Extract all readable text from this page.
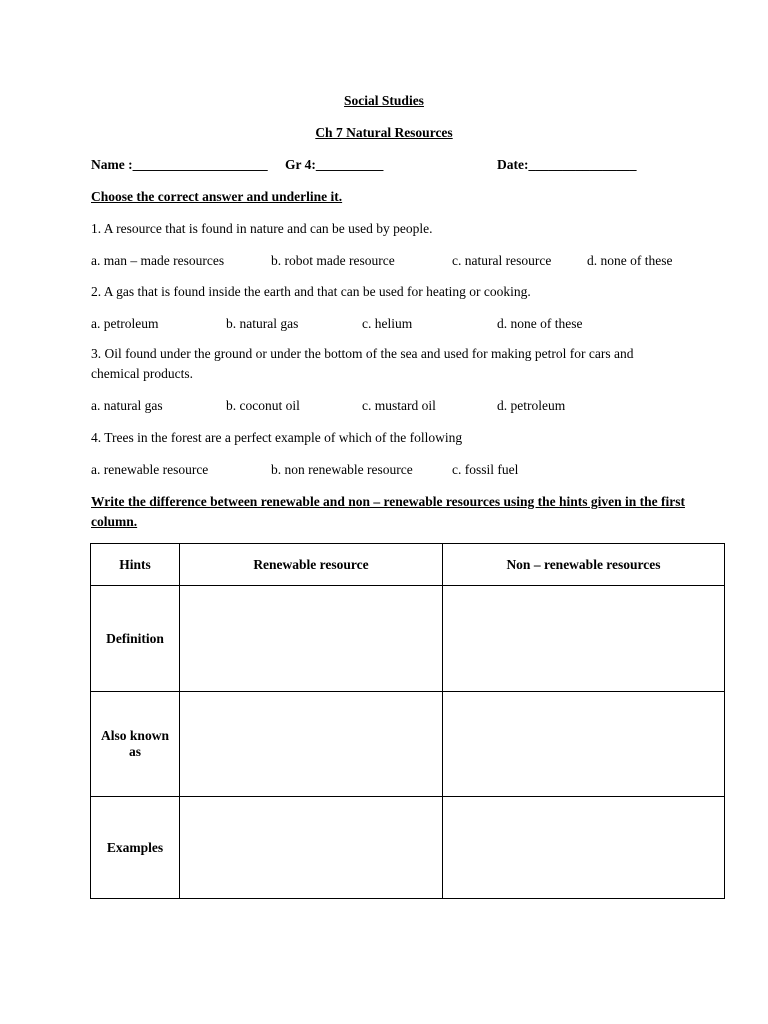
Social Studies
Ch 7 Natural Resources
Name :____________________ Gr 4:__________	Date:________________
Choose the correct answer and underline it.
1. A resource that is found in nature and can be used by people.
a. man – made resources	b. robot made resource	c. natural resource	d. none of these
2. A gas that is found inside the earth and that can be used for heating or cooking.
a. petroleum	b. natural gas	c. helium	d. none of these
3. Oil found under the ground or under the bottom of the sea and used for making petrol for cars and chemical products.
a. natural gas	b. coconut oil	c. mustard oil	d. petroleum
4. Trees in the forest are a perfect example of which of the following
a. renewable resource	b. non renewable resource	c. fossil fuel
Write the difference between renewable and non – renewable resources using the hints given in the first column.
Hints	Renewable resource	Non – renewable resources
Definition		
Also known as		
Examples		
